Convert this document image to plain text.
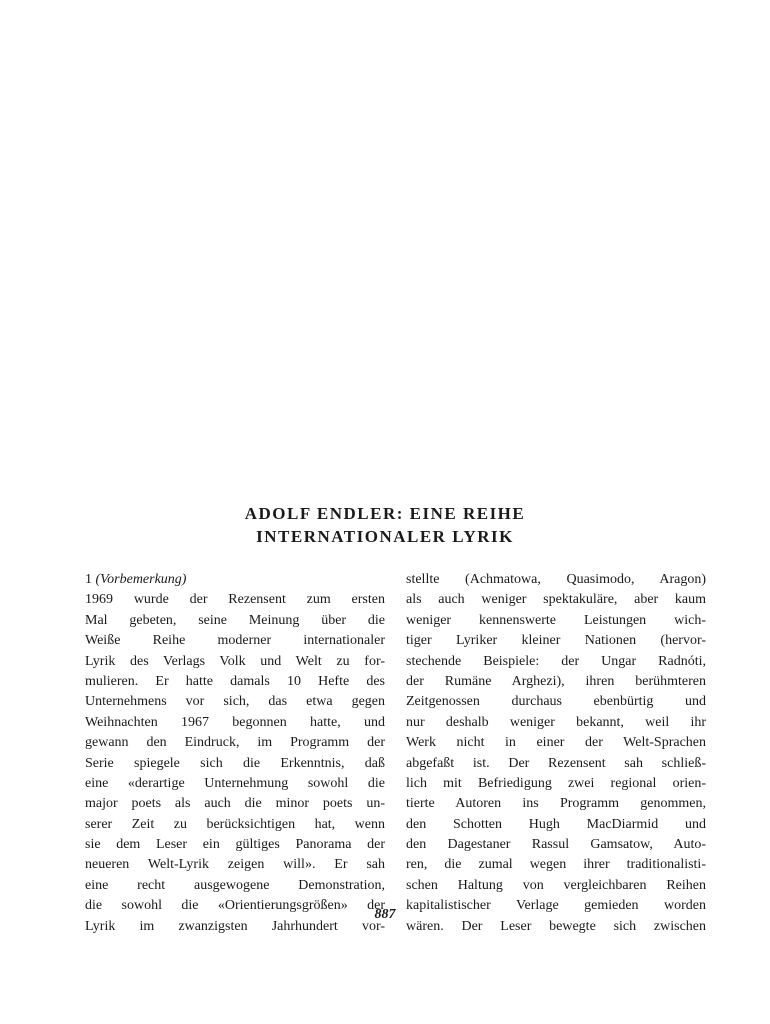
ADOLF ENDLER: EINE REIHE
INTERNATIONALER LYRIK
1 (Vorbemerkung)
1969 wurde der Rezensent zum ersten
Mal gebeten, seine Meinung über die
Weiße Reihe moderner internationaler
Lyrik des Verlags Volk und Welt zu for-
mulieren. Er hatte damals 10 Hefte des
Unternehmens vor sich, das etwa gegen
Weihnachten 1967 begonnen hatte, und
gewann den Eindruck, im Programm der
Serie spiegele sich die Erkenntnis, daß
eine «derartige Unternehmung sowohl die
major poets als auch die minor poets un-
serer Zeit zu berücksichtigen hat, wenn
sie dem Leser ein gültiges Panorama der
neueren Welt-Lyrik zeigen will». Er sah
eine recht ausgewogene Demonstration,
die sowohl die «Orientierungsgrößen» der
Lyrik im zwanzigsten Jahrhundert vor-
stellte (Achmatowa, Quasimodo, Aragon)
als auch weniger spektakuläre, aber kaum
weniger kennenswerte Leistungen wich-
tiger Lyriker kleiner Nationen (hervor-
stechende Beispiele: der Ungar Radnóti,
der Rumäne Arghezi), ihren berühmteren
Zeitgenossen durchaus ebenbürtig und
nur deshalb weniger bekannt, weil ihr
Werk nicht in einer der Welt-Sprachen
abgefaßt ist. Der Rezensent sah schließ-
lich mit Befriedigung zwei regional orien-
tierte Autoren ins Programm genommen,
den Schotten Hugh MacDiarmid und
den Dagestaner Rassul Gamsatow, Auto-
ren, die zumal wegen ihrer traditionalisti-
schen Haltung von vergleichbaren Reihen
kapitalistischer Verlage gemieden worden
wären. Der Leser bewegte sich zwischen
887
